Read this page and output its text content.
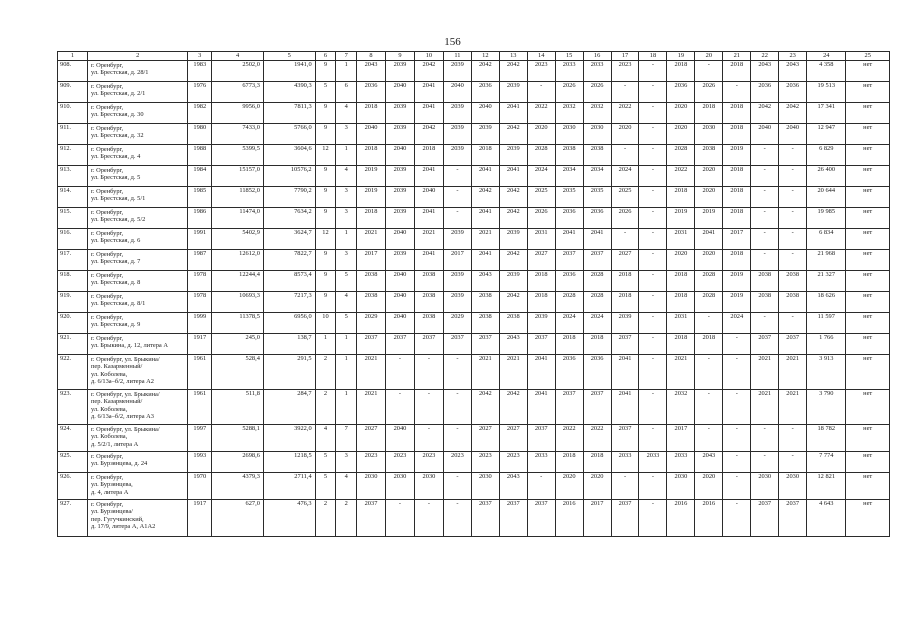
156
1	2	3	4	5	6	7	8	9	10	11	12	13	14	15	16	17	18	19	20	21	22	23	24	25
908.	г. Оренбург,
ул. Брестская, д. 28/1	1983	2502,0	1941,0	9	1	2043	2039	2042	2039	2042	2042	2023	2033	2033	2023	-	2018	-	2018	2043	2043	4 358	нет
909.	г. Оренбург,
ул. Брестская, д. 2/1	1976	6773,3	4390,3	5	6	2036	2040	2041	2040	2036	2039	-	2026	2026	-	-	2036	2026	-	2036	2036	19 513	нет
910.	г. Оренбург,
ул. Брестская, д. 30	1982	9956,0	7811,3	9	4	2018	2039	2041	2039	2040	2041	2022	2032	2032	2022	-	2020	2018	2018	2042	2042	17 341	нет
911.	г. Оренбург,
ул. Брестская, д. 32	1980	7433,0	5766,0	9	3	2040	2039	2042	2039	2039	2042	2020	2030	2030	2020	-	2020	2030	2018	2040	2040	12 947	нет
912.	г. Оренбург,
ул. Брестская, д. 4	1988	5399,5	3604,6	12	1	2018	2040	2018	2039	2018	2039	2028	2038	2038	-	-	2028	2038	2019	-	-	6 829	нет
913.	г. Оренбург,
ул. Брестская, д. 5	1984	15157,0	10576,2	9	4	2019	2039	2041	-	2041	2041	2024	2034	2034	2024	-	2022	2020	2018	-	-	26 400	нет
914.	г. Оренбург,
ул. Брестская, д. 5/1	1985	11852,0	7790,2	9	3	2019	2039	2040	-	2042	2042	2025	2035	2035	2025	-	2018	2020	2018	-	-	20 644	нет
915.	г. Оренбург,
ул. Брестская, д. 5/2	1986	11474,0	7634,2	9	3	2018	2039	2041	-	2041	2042	2026	2036	2036	2026	-	2019	2019	2018	-	-	19 985	нет
916.	г. Оренбург,
ул. Брестская, д. 6	1991	5402,9	3624,7	12	1	2021	2040	2021	2039	2021	2039	2031	2041	2041	-	-	2031	2041	2017	-	-	6 834	нет
917.	г. Оренбург,
ул. Брестская, д. 7	1987	12612,0	7822,7	9	3	2017	2039	2041	2017	2041	2042	2027	2037	2037	2027	-	2020	2020	2018	-	-	21 968	нет
918.	г. Оренбург,
ул. Брестская, д. 8	1978	12244,4	8573,4	9	5	2038	2040	2038	2039	2043	2039	2018	2036	2028	2018	-	2018	2028	2019	2038	2038	21 327	нет
919.	г. Оренбург,
ул. Брестская, д. 8/1	1978	10693,3	7217,3	9	4	2038	2040	2038	2039	2038	2042	2018	2028	2028	2018	-	2018	2028	2019	2038	2038	18 626	нет
920.	г. Оренбург,
ул. Брестская, д. 9	1999	11378,5	6956,0	10	5	2029	2040	2038	2029	2038	2038	2039	2024	2024	2039	-	2031	-	2024	-	-	11 597	нет
921.	г. Оренбург,
ул. Брыкина, д. 12, литера А	1917	245,0	138,7	1	1	2037	2037	2037	2037	2037	2043	2037	2018	2018	2037	-	2018	2018	-	2037	2037	1 766	нет
922.	г. Оренбург, ул. Брыкина/
пер. Казарменный/
ул. Коболева,
д. 6/13а–б/2, литера А2	1961	528,4	291,5	2	1	2021	-	-	-	2021	2021	2041	2036	2036	2041	-	2021	-	-	2021	2021	3 913	нет
923.	г. Оренбург, ул. Брыкина/
пер. Казарменный/
ул. Коболева,
д. 6/13а–б/2, литера А3	1961	511,8	284,7	2	1	2021	-	-	-	2042	2042	2041	2037	2037	2041	-	2032	-	-	2021	2021	3 790	нет
924.	г. Оренбург, ул. Брыкина/
ул. Коболева,
д. 5/2/1, литера А	1997	5288,1	3922,0	4	7	2027	2040	-	-	2027	2027	2037	2022	2022	2037	-	2017	-	-	-	-	18 782	нет
925.	г. Оренбург,
ул. Бурзянцева, д. 24	1993	2698,6	1218,5	5	3	2023	2023	2023	2023	2023	2023	2033	2018	2018	2033	2033	2033	2043	-	-	-	7 774	нет
926.	г. Оренбург,
ул. Бурзянцева,
д. 4, литера А	1970	4379,3	2711,4	5	4	2030	2030	2030	-	2030	2043	-	2020	2020	-	-	2030	2020	-	2030	2030	12 821	нет
927.	г. Оренбург,
ул. Бурзянцева/
пер. Гугучкинский,
д. 17/9, литера А, А1А2	1917	627,0	476,3	2	2	2037	-	-	-	2037	2037	2037	2016	2017	2037	-	2016	2016	-	2037	2037	4 643	нет
